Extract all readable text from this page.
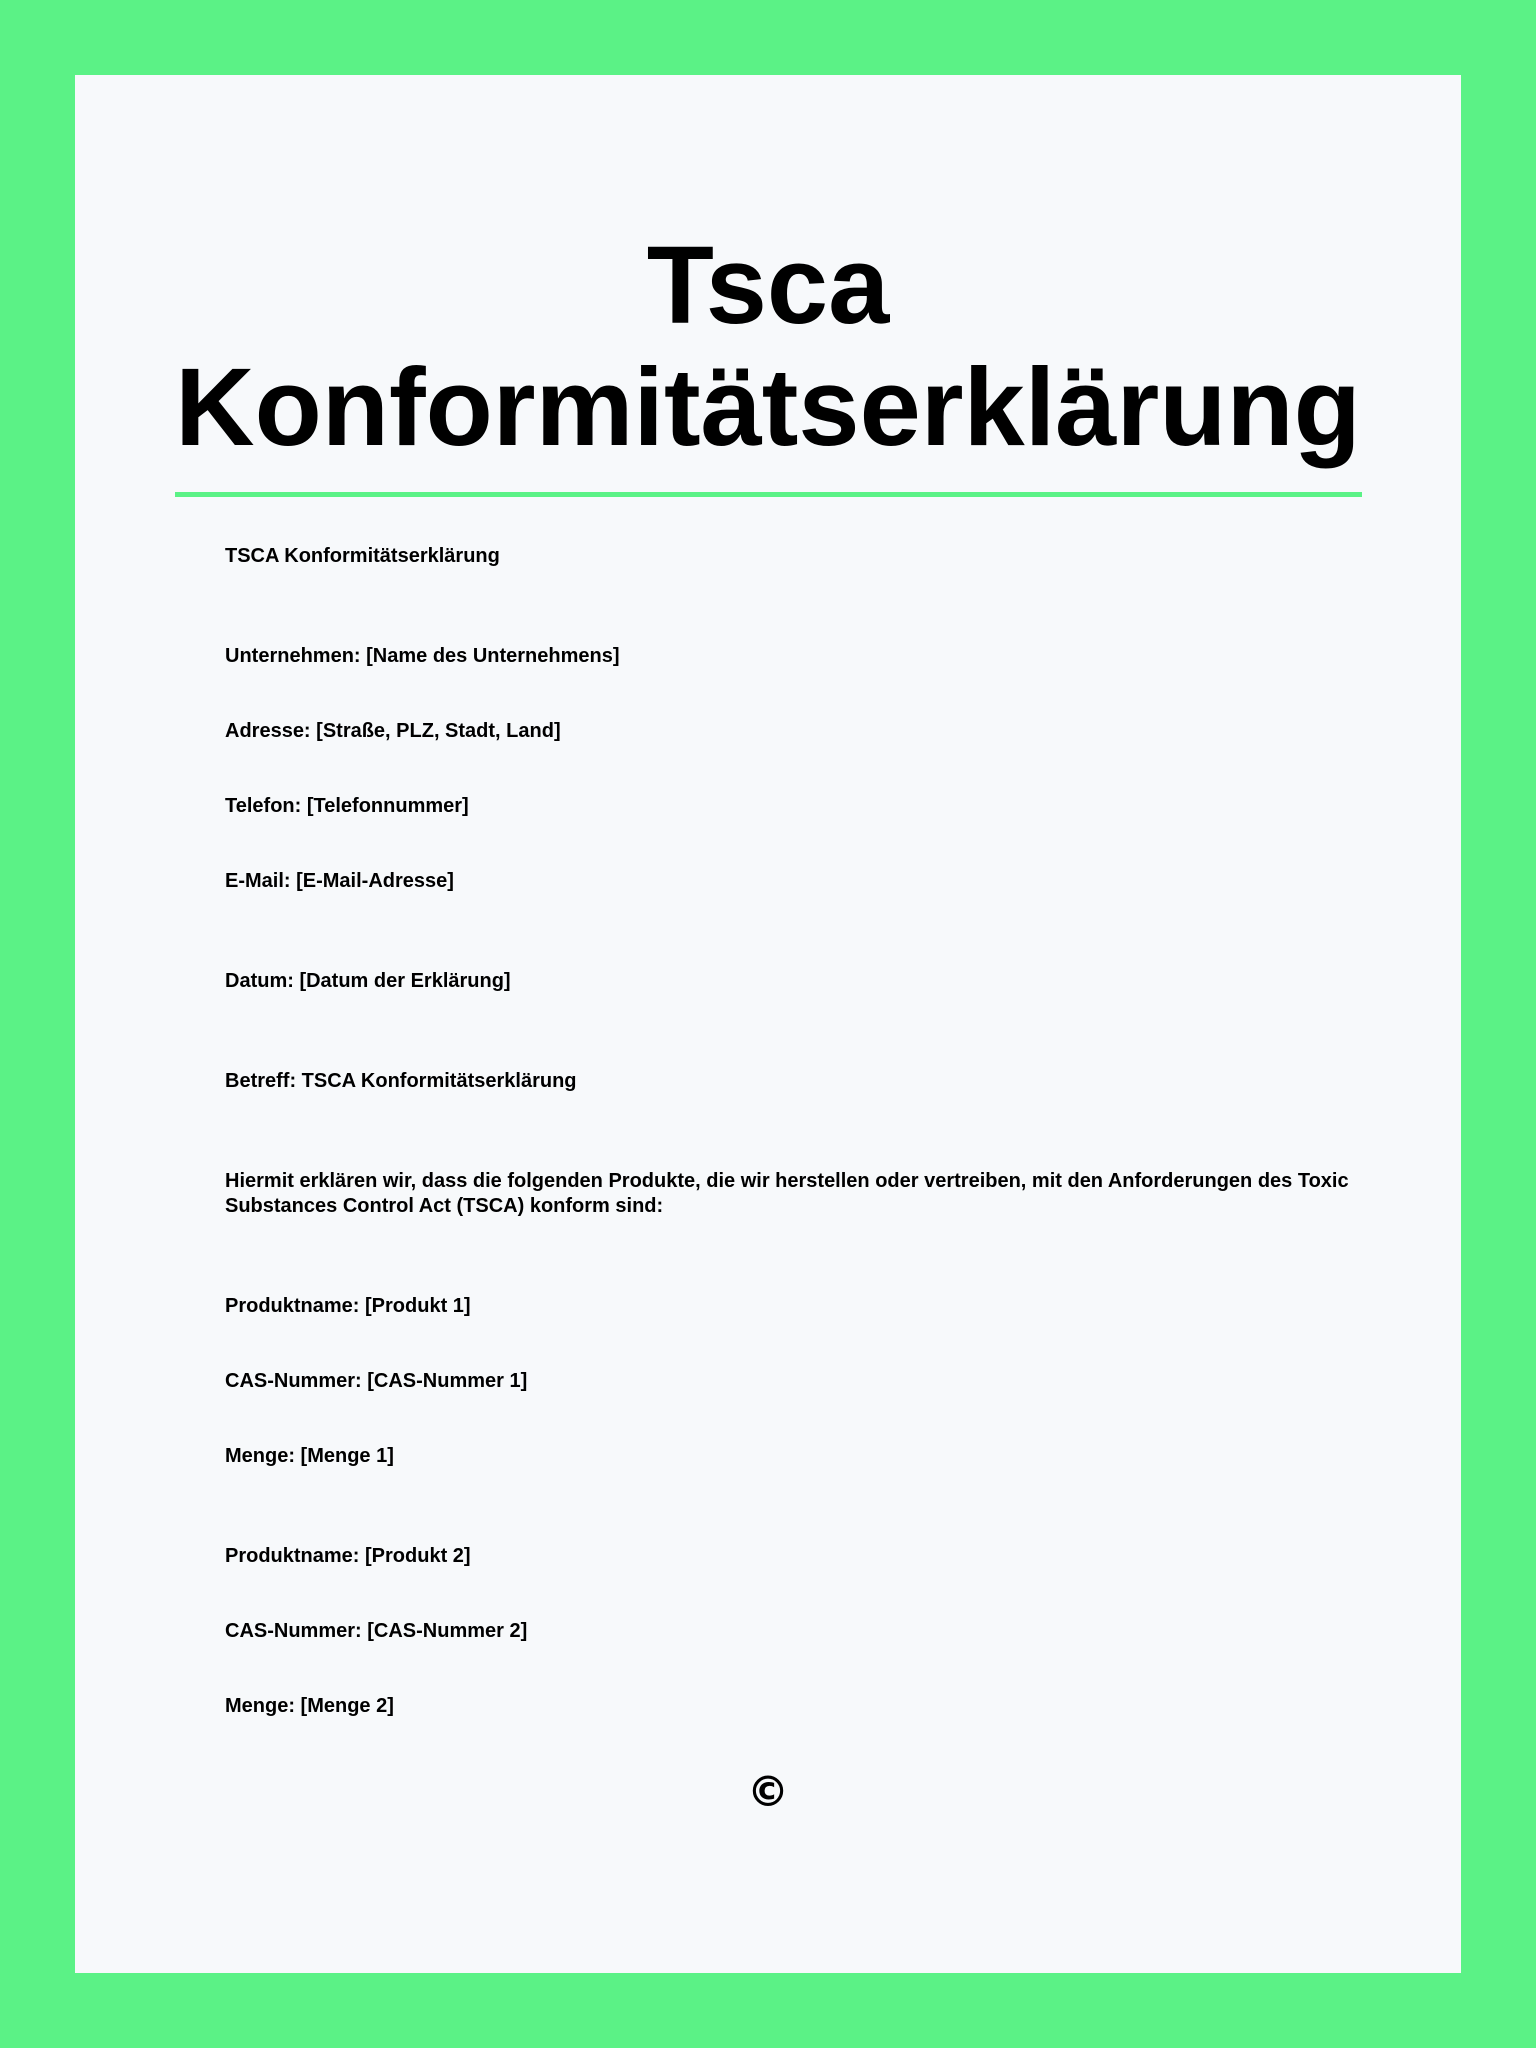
Tsca
Konformitätserklärung

TSCA Konformitätserklärung

Unternehmen: [Name des Unternehmens]

Adresse: [Straße, PLZ, Stadt, Land]

Telefon: [Telefonnummer]

E-Mail: [E-Mail-Adresse]

Datum: [Datum der Erklärung]

Betreff: TSCA Konformitätserklärung

Hiermit erklären wir, dass die folgenden Produkte, die wir herstellen oder vertreiben, mit den Anforderungen des Toxic Substances Control Act (TSCA) konform sind:

Produktname: [Produkt 1]

CAS-Nummer: [CAS-Nummer 1]

Menge: [Menge 1]

Produktname: [Produkt 2]

CAS-Nummer: [CAS-Nummer 2]

Menge: [Menge 2]

©
